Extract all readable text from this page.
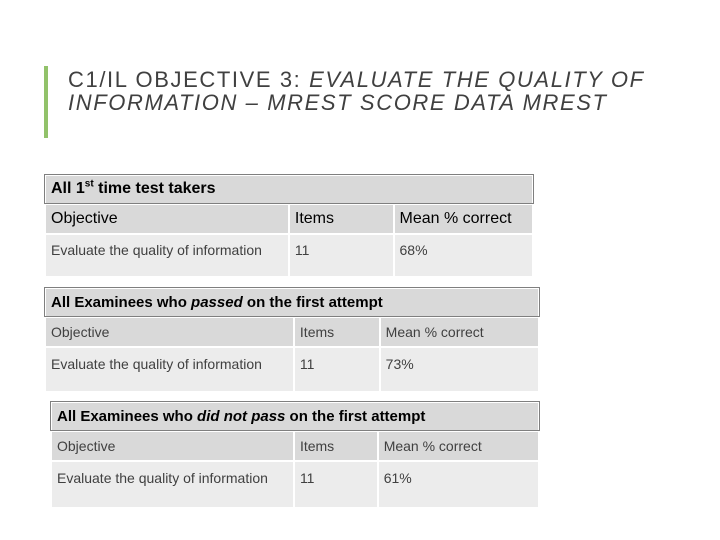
C1/IL OBJECTIVE 3: EVALUATE THE QUALITY OF INFORMATION – MREST SCORE DATA MREST
All 1st time test takers		
Objective	Items	Mean % correct
Evaluate the quality of information	11	68%
All Examinees who passed on the first attempt		
Objective	Items	Mean % correct
Evaluate the quality of information	11	73%
All Examinees who did not pass on the first attempt		
Objective	Items	Mean % correct
Evaluate the quality of information	11	61%
